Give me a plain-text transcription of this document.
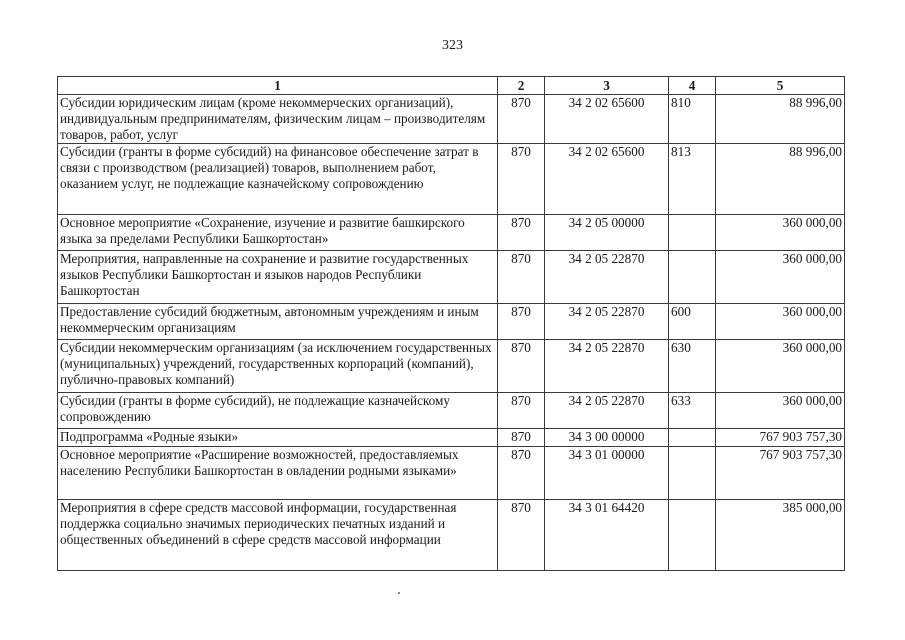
323
1	2	3	4	5
Субсидии юридическим лицам (кроме некоммерческих организаций), индивидуальным предпринимателям, физическим лицам – производителям товаров, работ, услуг	870	34 2 02 65600	810	88 996,00
Субсидии (гранты в форме субсидий) на финансовое обеспечение затрат в связи с производством (реализацией) товаров, выполнением работ, оказанием услуг, не подлежащие казначейскому сопровождению	870	34 2 02 65600	813	88 996,00
Основное мероприятие «Сохранение, изучение и развитие башкирского языка за пределами Республики Башкортостан»	870	34 2 05 00000		360 000,00
Мероприятия, направленные на сохранение и развитие государственных языков Республики Башкортостан и языков народов Республики Башкортостан	870	34 2 05 22870		360 000,00
Предоставление субсидий бюджетным, автономным учреждениям и иным некоммерческим организациям	870	34 2 05 22870	600	360 000,00
Субсидии некоммерческим организациям (за исключением государственных (муниципальных) учреждений, государственных корпораций (компаний), публично-правовых компаний)	870	34 2 05 22870	630	360 000,00
Субсидии (гранты в форме субсидий), не подлежащие казначейскому сопровождению	870	34 2 05 22870	633	360 000,00
Подпрограмма «Родные языки»	870	34 3 00 00000		767 903 757,30
Основное мероприятие «Расширение возможностей, предоставляемых населению Республики Башкортостан в овладении родными языками»	870	34 3 01 00000		767 903 757,30
Мероприятия в сфере средств массовой информации, государственная поддержка социально значимых периодических печатных изданий и общественных объединений в сфере средств массовой информации	870	34 3 01 64420		385 000,00
